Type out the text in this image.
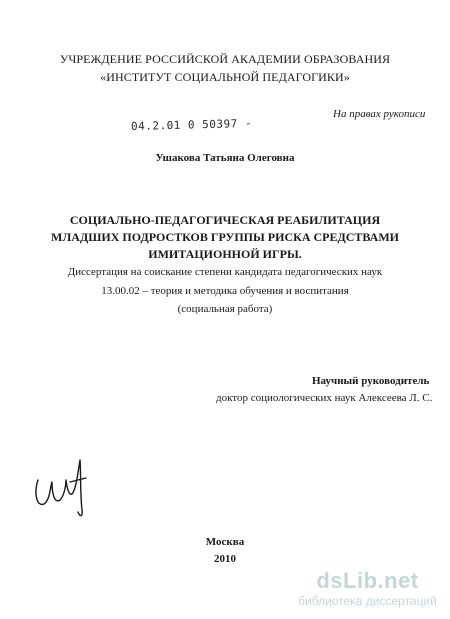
УЧРЕЖДЕНИЕ РОССИЙСКОЙ АКАДЕМИИ ОБРАЗОВАНИЯ

«ИНСТИТУТ СОЦИАЛЬНОЙ ПЕДАГОГИКИ»

На правах рукописи

04.2.01 0 50397 -

Ушакова Татьяна Олеговна

СОЦИАЛЬНО-ПЕДАГОГИЧЕСКАЯ РЕАБИЛИТАЦИЯ

МЛАДШИХ ПОДРОСТКОВ ГРУППЫ РИСКА СРЕДСТВАМИ

ИМИТАЦИОННОЙ ИГРЫ.

Диссертация на соискание степени кандидата педагогических наук

13.00.02 – теория и методика обучения и воспитания

(социальная работа)

Научный руководитель

доктор социологических наук Алексеева Л. С.

Москва

2010

dsLib.net
библиотека диссертаций
